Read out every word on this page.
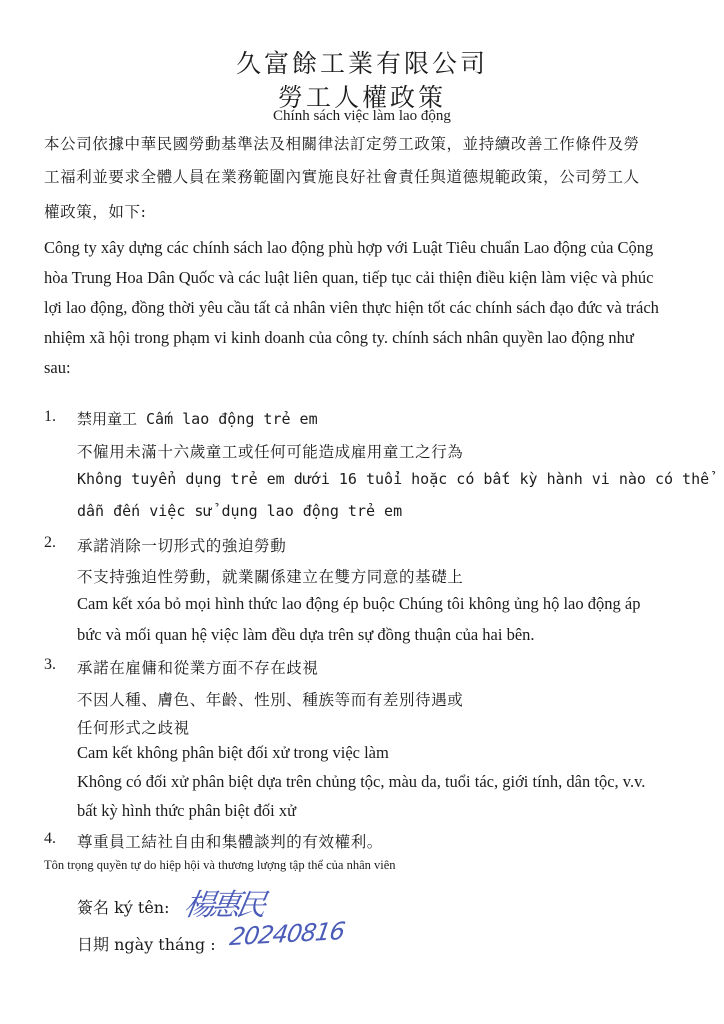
久富餘工業有限公司
勞工人權政策
Chính sách việc làm lao động
本公司依據中華民國勞動基準法及相關律法訂定勞工政策，並持續改善工作條件及勞
工福利並要求全體人員在業務範圍內實施良好社會責任與道德規範政策，公司勞工人
權政策，如下:
Công ty xây dựng các chính sách lao động phù hợp với Luật Tiêu chuẩn Lao động của Cộng
hòa Trung Hoa Dân Quốc và các luật liên quan, tiếp tục cải thiện điều kiện làm việc và phúc
lợi lao động, đồng thời yêu cầu tất cả nhân viên thực hiện tốt các chính sách đạo đức và trách
nhiệm xã hội trong phạm vi kinh doanh của công ty. chính sách nhân quyền lao động như
sau:
1. 禁用童工 Cấm lao động trẻ em
不僱用未滿十六歲童工或任何可能造成雇用童工之行為
Không tuyển dụng trẻ em dưới 16 tuổi hoặc có bất kỳ hành vi nào có thể
dẫn đến việc sử dụng lao động trẻ em
2. 承諾消除一切形式的強迫勞動
不支持強迫性勞動，就業關係建立在雙方同意的基礎上
Cam kết xóa bỏ mọi hình thức lao động ép buộc Chúng tôi không ủng hộ lao động áp
bức và mối quan hệ việc làm đều dựa trên sự đồng thuận của hai bên.
3. 承諾在雇傭和從業方面不存在歧視
不因人種、膚色、年齡、性別、種族等而有差別待遇或
任何形式之歧視
Cam kết không phân biệt đối xử trong việc làm
Không có đối xử phân biệt dựa trên chủng tộc, màu da, tuổi tác, giới tính, dân tộc, v.v.
bất kỳ hình thức phân biệt đối xử
4. 尊重員工結社自由和集體談判的有效權利。
Tôn trọng quyền tự do hiệp hội và thương lượng tập thể của nhân viên
簽名 ký tên: 楊惠民
日期 ngày tháng : 20240816
